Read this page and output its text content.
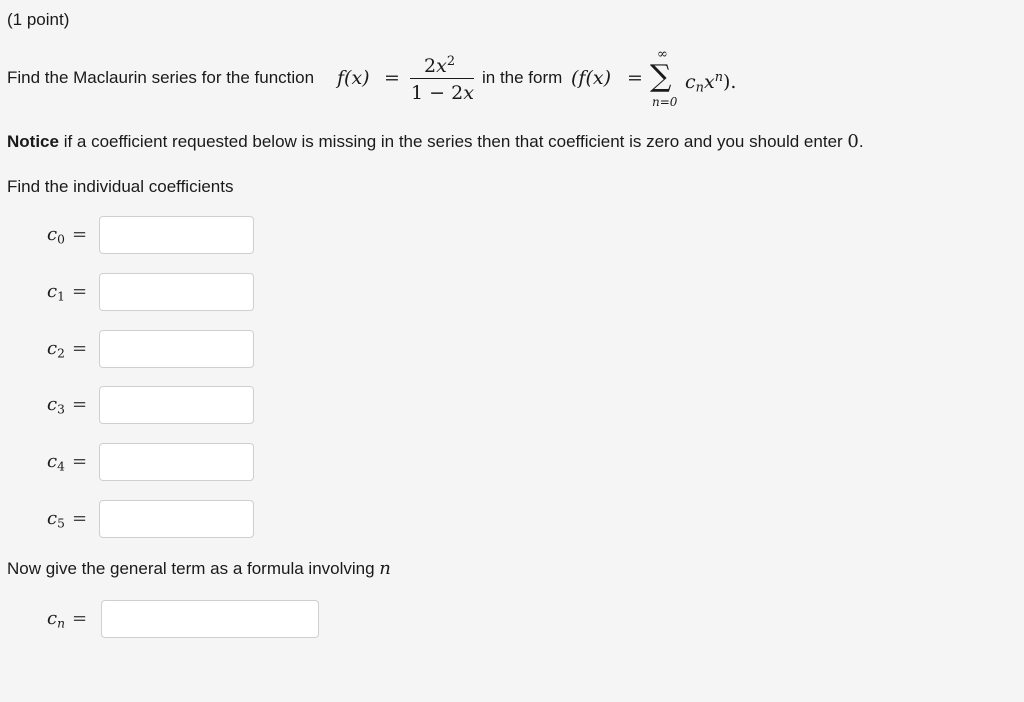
(1 point)
Find the Maclaurin series for the function f(x) =
$2x^2$
1 − 2x
in the form (f(x) =
∞
∑
n=0
cnx$^n$).
Notice if a coefficient requested below is missing in the series then that coefficient is zero and you should enter 0.
Find the individual coefficients
$c_0$ =
$c_1$ =
$c_2$ =
$c_3$ =
$c_4$ =
$c_5$ =
Now give the general term as a formula involving n
$c_n$ =
